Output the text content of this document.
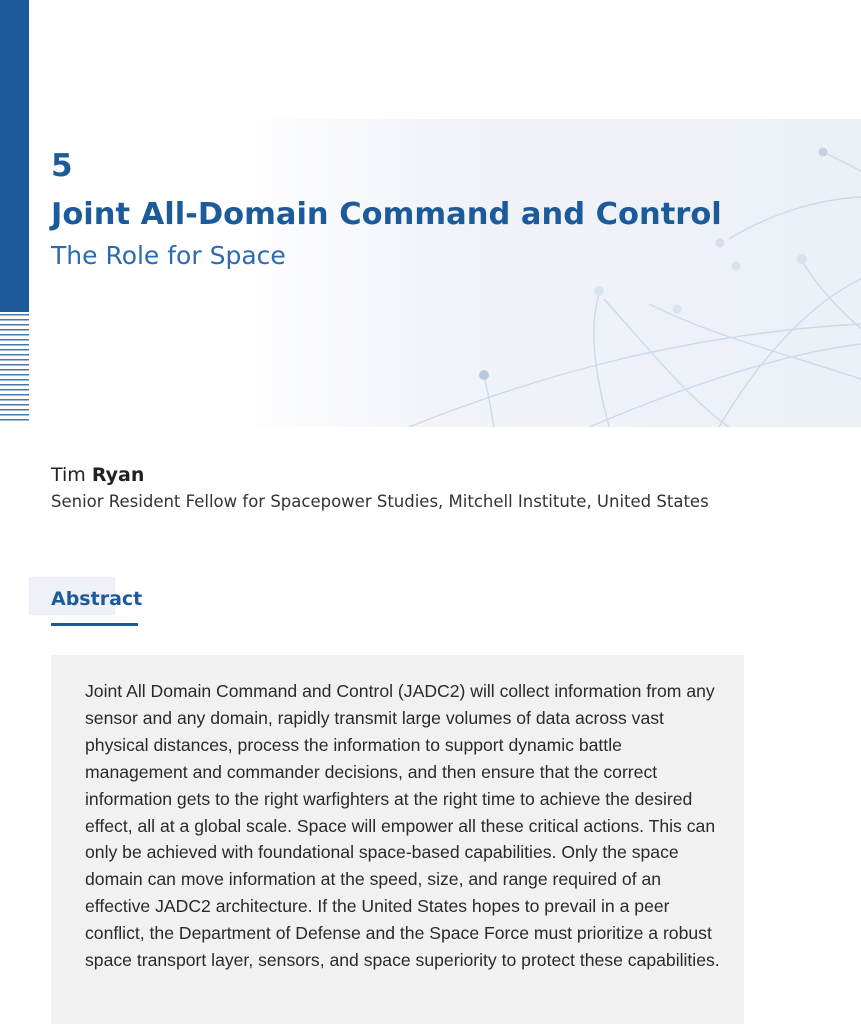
5
Joint All-Domain Command and Control
The Role for Space
Tim Ryan
Senior Resident Fellow for Spacepower Studies, Mitchell Institute, United States
Abstract

Joint All Domain Command and Control (JADC2) will collect information from any sensor and any domain, rapidly transmit large volumes of data across vast physical distances, process the information to support dynamic battle management and commander decisions, and then ensure that the correct information gets to the right warfighters at the right time to achieve the desired effect, all at a global scale. Space will empower all these critical actions. This can only be achieved with foundational space-based capabilities. Only the space domain can move information at the speed, size, and range required of an effective JADC2 architecture. If the United States hopes to prevail in a peer conflict, the Department of Defense and the Space Force must prioritize a robust space transport layer, sensors, and space superiority to protect these capabilities.
